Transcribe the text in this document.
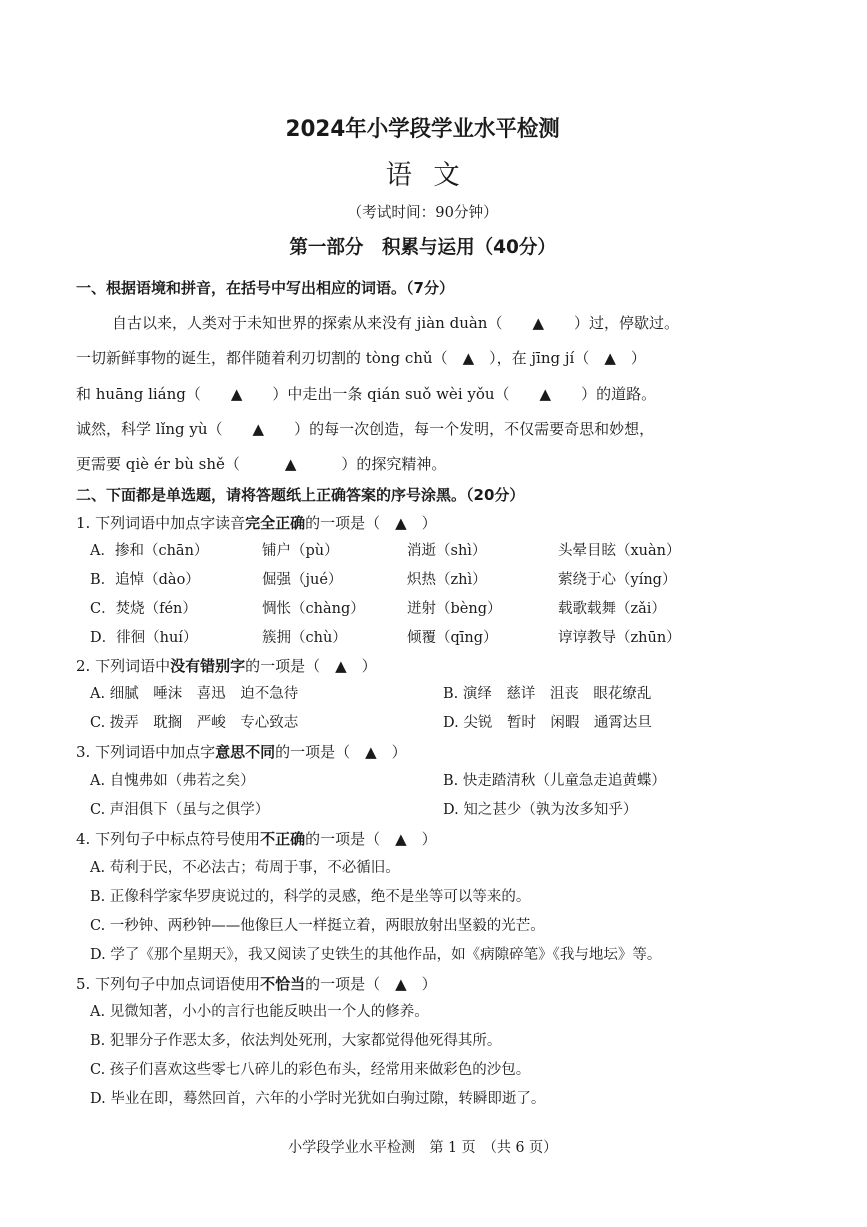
2024年小学段学业水平检测
语文
（考试时间：90分钟）
第一部分　积累与运用（40分）
一、根据语境和拼音，在括号中写出相应的词语。（7分）
自古以来，人类对于未知世界的探索从来没有 jiàn duàn（　　▲　　）过，停歇过。
一切新鲜事物的诞生，都伴随着利刃切割的 tòng chǔ（　▲　），在 jīng jí（　▲　）
和 huāng liáng（　　▲　　）中走出一条 qián suǒ wèi yǒu（　　▲　　）的道路。
诚然，科学 lǐng yù（　　▲　　）的每一次创造，每一个发明，不仅需要奇思和妙想，
更需要 qiè ér bù shě（　　　▲　　　）的探究精神。
二、下面都是单选题，请将答题纸上正确答案的序号涂黑。（20分）
1. 下列词语中加点字读音完全正确的一项是（　▲　）
A．掺和（chān）	铺户（pù）	消逝（shì）	头晕目眩（xuàn）
B．追悼（dào）	倔强（jué）	炽热（zhì）	萦绕于心（yíng）
C．焚烧（fén）	惆怅（chàng）	迸射（bèng）	载歌载舞（zǎi）
D．徘徊（huí）	簇拥（chù）	倾覆（qīng）	谆谆教导（zhūn）
2. 下列词语中没有错别字的一项是（　▲　）
A. 细腻　唾沫　喜迅　迫不急待	B. 演绎　慈详　沮丧　眼花缭乱
C. 拨弄　耽搁　严峻　专心致志	D. 尖锐　暂时　闲暇　通霄达旦
3. 下列词语中加点字意思不同的一项是（　▲　）
A. 自愧弗如（弗若之矣）	B. 快走踏清秋（儿童急走追黄蝶）
C. 声泪俱下（虽与之俱学）	D. 知之甚少（孰为汝多知乎）
4. 下列句子中标点符号使用不正确的一项是（　▲　）
A. 苟利于民，不必法古；苟周于事，不必循旧。
B. 正像科学家华罗庚说过的，科学的灵感，绝不是坐等可以等来的。
C. 一秒钟、两秒钟——他像巨人一样挺立着，两眼放射出坚毅的光芒。
D. 学了《那个星期天》，我又阅读了史铁生的其他作品，如《病隙碎笔》《我与地坛》等。
5. 下列句子中加点词语使用不恰当的一项是（　▲　）
A. 见微知著，小小的言行也能反映出一个人的修养。
B. 犯罪分子作恶太多，依法判处死刑，大家都觉得他死得其所。
C. 孩子们喜欢这些零七八碎儿的彩色布头，经常用来做彩色的沙包。
D. 毕业在即，蓦然回首，六年的小学时光犹如白驹过隙，转瞬即逝了。
小学段学业水平检测　第 1 页　（共 6 页）
